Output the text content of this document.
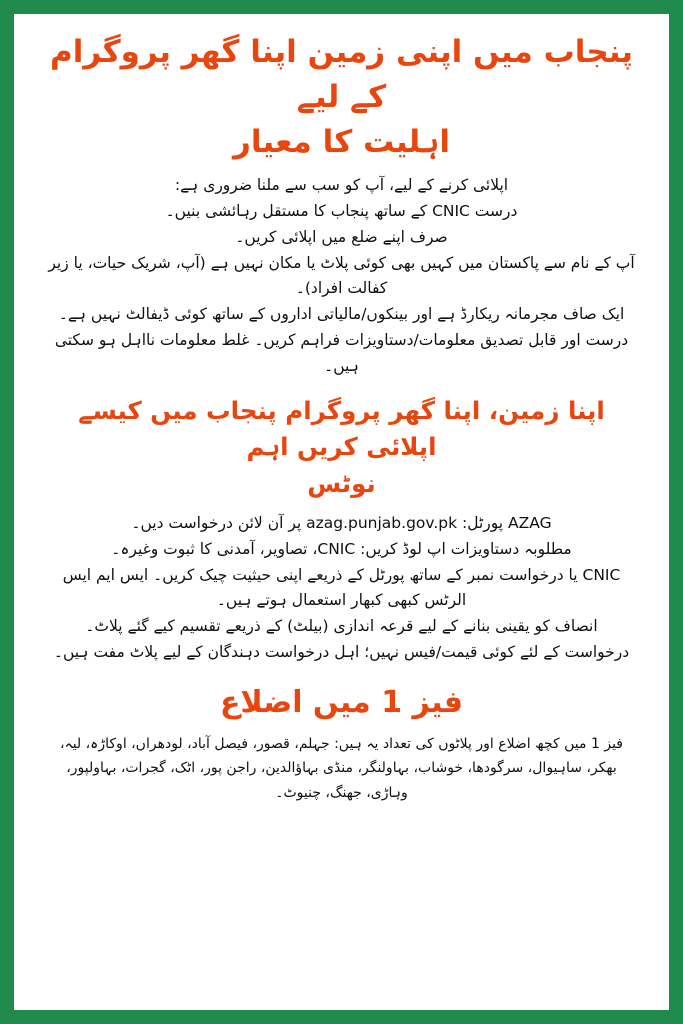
پنجاب میں اپنی زمین اپنا گھر پروگرام کے لیے
اہلیت کا معیار

اپلائی کرنے کے لیے، آپ کو سب سے ملنا ضروری ہے:

درست CNIC کے ساتھ پنجاب کا مستقل رہائشی بنیں۔

صرف اپنے ضلع میں اپلائی کریں۔

آپ کے نام سے پاکستان میں کہیں بھی کوئی پلاٹ یا مکان نہیں ہے (آپ، شریک حیات، یا زیر کفالت افراد)۔

ایک صاف مجرمانہ ریکارڈ ہے اور بینکوں/مالیاتی اداروں کے ساتھ کوئی ڈیفالٹ نہیں ہے۔

درست اور قابل تصدیق معلومات/دستاویزات فراہم کریں۔ غلط معلومات نااہل ہو سکتی ہیں۔

اپنا زمین، اپنا گھر پروگرام پنجاب میں کیسے اپلائی کریں اہم
نوٹس

AZAG پورٹل: azag.punjab.gov.pk پر آن لائن درخواست دیں۔

مطلوبہ دستاویزات اپ لوڈ کریں: CNIC، تصاویر، آمدنی کا ثبوت وغیرہ۔

CNIC یا درخواست نمبر کے ساتھ پورٹل کے ذریعے اپنی حیثیت چیک کریں۔ ایس ایم ایس الرٹس کبھی کبھار استعمال ہوتے ہیں۔

انصاف کو یقینی بنانے کے لیے قرعہ اندازی (بیلٹ) کے ذریعے تقسیم کیے گئے پلاٹ۔

درخواست کے لئے کوئی قیمت/فیس نہیں؛ اہل درخواست دہندگان کے لیے پلاٹ مفت ہیں۔

فیز 1 میں اضلاع

فیز 1 میں کچھ اضلاع اور پلاٹوں کی تعداد یہ ہیں: جہلم، قصور، فیصل آباد، لودھراں، اوکاڑہ، لیہ، بھکر، ساہیوال، سرگودھا، خوشاب، بہاولنگر، منڈی بہاؤالدین، راجن پور، اٹک، گجرات، بہاولپور، وہاڑی، جھنگ، چنیوٹ۔
